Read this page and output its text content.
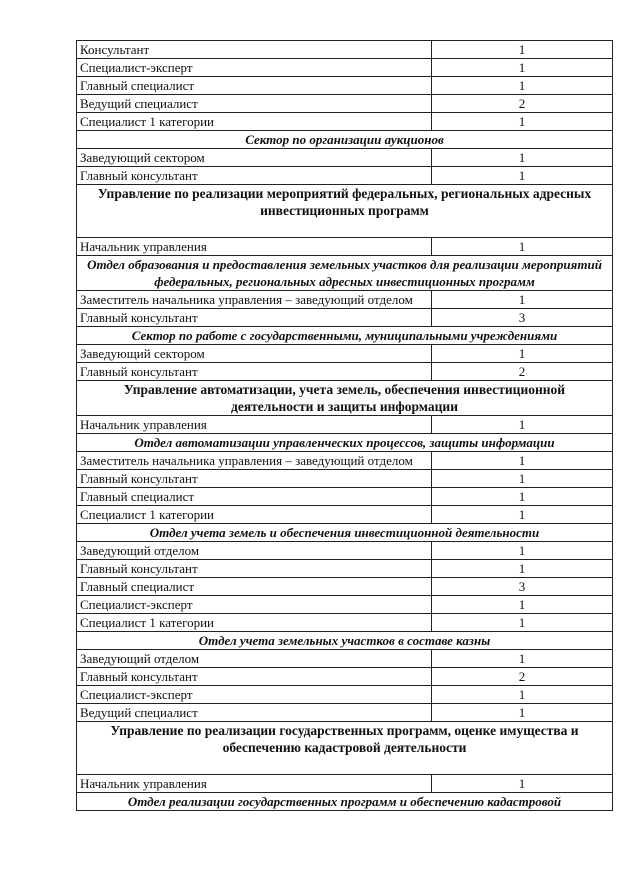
Консультант	1
Специалист-эксперт	1
Главный специалист	1
Ведущий специалист	2
Специалист 1 категории	1
Сектор по организации аукционов	
Заведующий сектором	1
Главный консультант	1
Управление по реализации мероприятий федеральных, региональных адресных инвестиционных программ	
Начальник управления	1
Отдел образования и предоставления земельных участков для реализации мероприятий федеральных, региональных адресных инвестиционных программ	
Заместитель начальника управления – заведующий отделом	1
Главный консультант	3
Сектор по работе с государственными, муниципальными учреждениями	
Заведующий сектором	1
Главный консультант	2
Управление автоматизации, учета земель, обеспечения инвестиционной деятельности и защиты информации	
Начальник управления	1
Отдел автоматизации управленческих процессов, защиты информации	
Заместитель начальника управления – заведующий отделом	1
Главный консультант	1
Главный специалист	1
Специалист 1 категории	1
Отдел учета земель и обеспечения инвестиционной деятельности	
Заведующий отделом	1
Главный консультант	1
Главный специалист	3
Специалист-эксперт	1
Специалист 1 категории	1
Отдел учета земельных участков в составе казны	
Заведующий отделом	1
Главный консультант	2
Специалист-эксперт	1
Ведущий специалист	1
Управление по реализации государственных программ, оценке имущества и обеспечению кадастровой деятельности	
Начальник управления	1
Отдел реализации государственных программ и обеспечению кадастровой	
